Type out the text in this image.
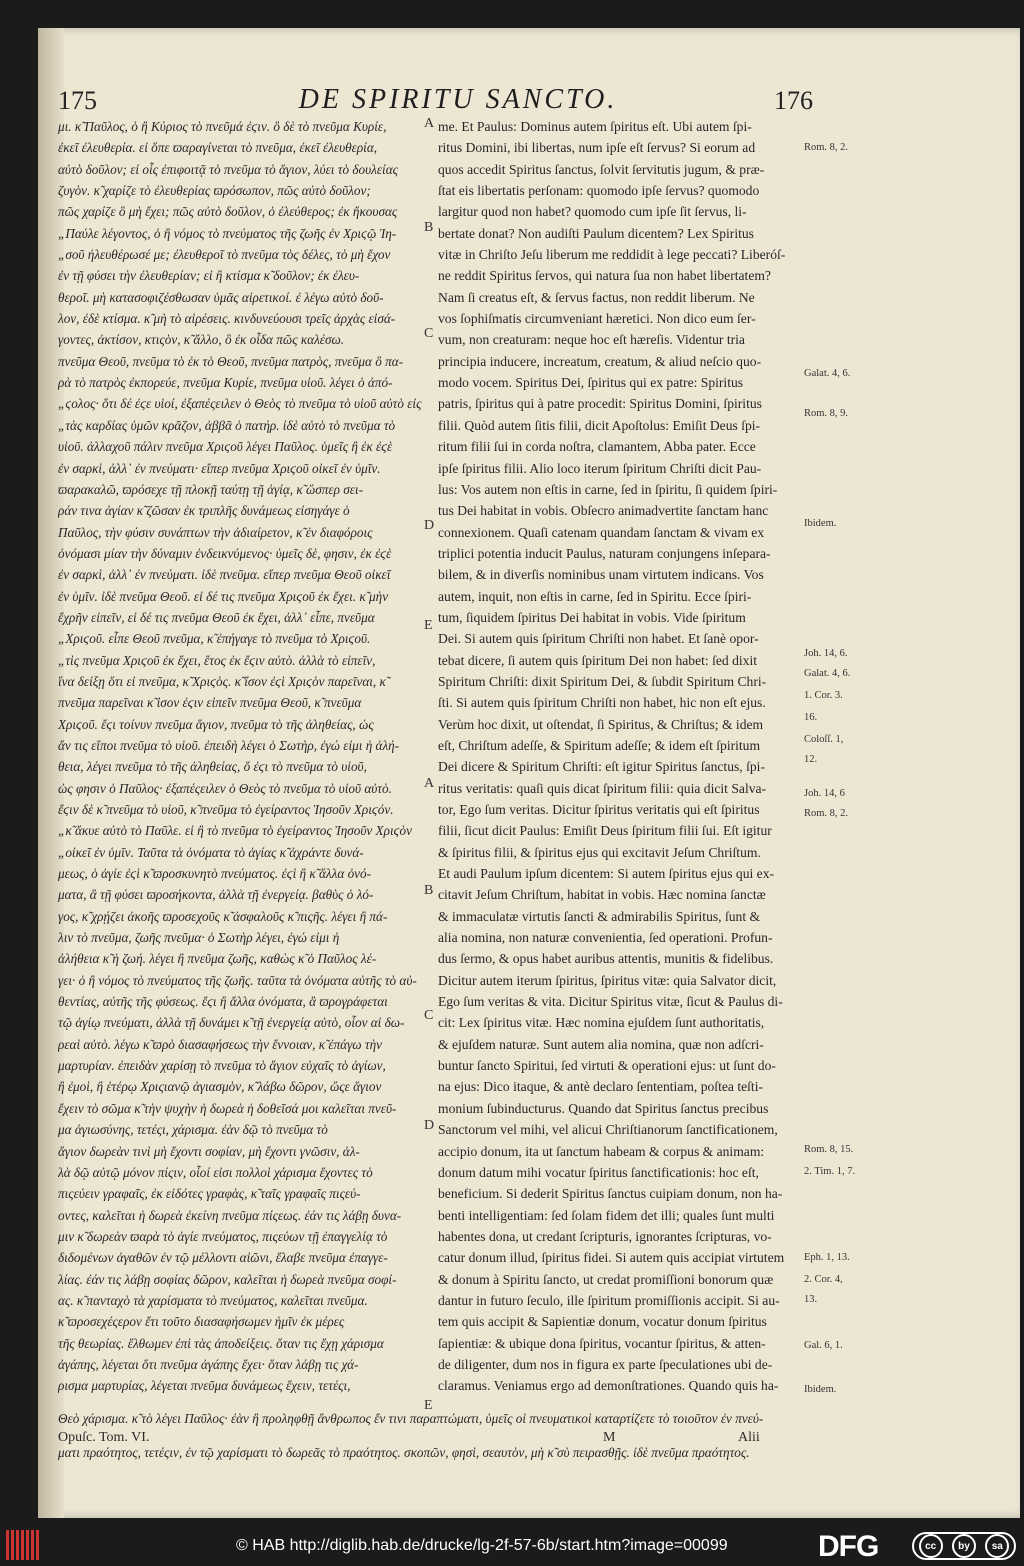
175	DE SPIRITU SANCTO.	176

μι. κ̃ Παῦλος, ὁ ἢ Κύριος τὸ πνεῦμά ἐϛιν. ὃ δὲ τὸ πνεῦμα Κυρίε,

ἐκεῖ ἐλευθερία. εἰ ὅπε ϖαραγίνεται τὸ πνεῦμα, ἐκεῖ ἐλευθερία,

αὐτὸ δοῦλον; εἰ οἷς ἐπιφοιτᾷ τὸ πνεῦμα τὸ ἅγιον, λύει τὸ δουλείας

ζυγὸν. κ̃ χαρίζε τὸ ἐλευθερίας ϖρόσωπον, πῶς αὐτὸ δοῦλον;

πῶς χαρίζε ὃ μὴ ἔχει; πῶς αὐτὸ δοῦλον, ὁ ἐλεύθερος; ἐκ ἤκουσας

„Παύλε λέγοντος, ὁ ἢ νόμος τὸ πνεύματος τῆς ζωῆς ἐν Χριϛῷ Ἰη-

„σοῦ ἠλευθέρωσέ με; ἐλευθεροῖ τὸ πνεῦμα τὸς δέλες, τὸ μὴ ἔχον

ἐν τῇ φύσει τὴν ἐλευθερίαν; εἰ ἢ κτίσμα κ̃ δοῦλον; ἐκ ἐλευ-

θεροῖ. μὴ κατασοφιζέσθωσαν ὑμᾶς αἱρετικοί. ἐ λέγω αὐτὸ δοῦ-

λον, ἐδὲ κτίσμα. κ̃ μὴ τὸ αἱρέσεις. κινδυνεύουσι τρεῖς ἀρχὰς εἰσά-

γοντες, ἀκτίσον, κτιςὸν, κ̃ ἄλλο, ὃ ἐκ οἶδα πῶς καλέσω.

πνεῦμα Θεοῦ, πνεῦμα τὸ ἐκ τὸ Θεοῦ, πνεῦμα πατρὸς, πνεῦμα ὃ πα-

ρὰ τὸ πατρὸς ἐκπορεύε, πνεῦμα Κυρίε, πνεῦμα υἱοῦ. λέγει ὁ ἀπό-

„ϛολος· ὅτι δέ ἐϛε υἱοί, ἐξαπέςειλεν ὁ Θεὸς τὸ πνεῦμα τὸ υἱοῦ αὐτὸ εἰς

„τὰς καρδίας ὑμῶν κρᾶζον, ἀββᾶ ὁ πατήρ. ἰδὲ αὐτὸ τὸ πνεῦμα τὸ

υἱοῦ. ἀλλαχοῦ πάλιν πνεῦμα Χριϛοῦ λέγει Παῦλος. ὑμεῖς ἢ ἐκ ἐϛὲ

ἐν σαρκὶ, ἀλλ᾽ ἐν πνεύματι· εἴπερ πνεῦμα Χριϛοῦ οἰκεῖ ἐν ὑμῖν.

ϖαρακαλῶ, ϖρόσεχε τῇ πλοκῇ ταύτῃ τῇ ἁγίᾳ, κ̃ ὥσπερ σει-

ράν τινα ἁγίαν κ̃ ζῶσαν ἐκ τριπλῆς δυνάμεως εἰσηγάγε ὁ

Παῦλος, τὴν φύσιν συνάπτων τὴν ἀδιαίρετον, κ̃ ἐν διαφόροις

ὀνόμασι μίαν τὴν δύναμιν ἐνδεικνύμενος· ὑμεῖς δὲ, φησιν, ἐκ ἐϛὲ

ἐν σαρκὶ, ἀλλ᾽ ἐν πνεύματι. ἰδὲ πνεῦμα. εἴπερ πνεῦμα Θεοῦ οἰκεῖ

ἐν ὑμῖν. ἰδὲ πνεῦμα Θεοῦ. εἰ δέ τις πνεῦμα Χριϛοῦ ἐκ ἔχει. κ̃ μὴν

ἔχρῆν εἰπεῖν, εἰ δέ τις πνεῦμα Θεοῦ ἐκ ἔχει, ἀλλ᾽ εἶπε, πνεῦμα

„Χριϛοῦ. εἶπε Θεοῦ πνεῦμα, κ̃ ἐπήγαγε τὸ πνεῦμα τὸ Χριϛοῦ.

„τὶς πνεῦμα Χριϛοῦ ἐκ ἔχει, ἕτος ἐκ ἔϛιν αὐτὸ. ἀλλὰ τὸ εἰπεῖν,

ἵνα δείξῃ ὅτι εἰ πνεῦμα, κ̃ Χριϛὸς. κ̃ ἴσον ἐϛὶ Χριϛὸν παρεῖναι, κ̃

πνεῦμα παρεῖναι κ̃ ἰσον ἐϛιν εἰπεῖν πνεῦμα Θεοῦ, κ̃ πνεῦμα

Χριϛοῦ. ἔϛι τοίνυν πνεῦμα ἅγιον, πνεῦμα τὸ τῆς ἀληθείας, ὡς

ἄν τις εἴποι πνεῦμα τὸ υἱοῦ. ἐπειδὴ λέγει ὁ Σωτὴρ, ἐγώ εἰμι ἡ ἀλή-

θεια, λέγει πνεῦμα τὸ τῆς ἀληθείας, ὅ ἐϛι τὸ πνεῦμα τὸ υἱοῦ,

ὡς φησιν ὁ Παῦλος· ἐξαπέςειλεν ὁ Θεὸς τὸ πνεῦμα τὸ υἱοῦ αὐτὸ.

ἔϛιν δὲ κ̃ πνεῦμα τὸ υἱοῦ, κ̃ πνεῦμα τὸ ἐγείραντος Ἰησοῦν Χριϛόν.

„κ̃ ἄκυε αὐτὸ τὸ Παῦλε. εἰ ἢ τὸ πνεῦμα τὸ ἐγείραντος Ἰησοῦν Χριϛὸν

„οἰκεῖ ἐν ὑμῖν. Ταῦτα τὰ ὀνόματα τὸ ἁγίας κ̃ ἀχράντε δυνά-

μεως, ὁ ἀγίε ἐϛὶ κ̃ ϖροσκυνητὸ πνεύματος. ἐϛὶ ἢ κ̃ ἄλλα ὀνό-

ματα, ἃ τῇ φύσει ϖροσήκοντα, ἀλλὰ τῇ ἐνεργείᾳ. βαθὺς ὁ λό-

γος, κ̃ χρῄζει ἀκοῆς ϖροσεχοῦς κ̃ ἀσφαλοῦς κ̃ πιςῆς. λέγει ἢ πά-

λιν τὸ πνεῦμα, ζωῆς πνεῦμα· ὁ Σωτὴρ λέγει, ἐγώ εἰμι ἡ

ἀλήθεια κ̃ ἡ ζωή. λέγει ἢ πνεῦμα ζωῆς, καθὼς κ̃ ὁ Παῦλος λέ-

γει· ὁ ἢ νόμος τὸ πνεύματος τῆς ζωῆς. ταῦτα τὰ ὀνόματα αὐτῆς τὸ αὐ-

θεντίας, αὐτῆς τῆς φύσεως. ἔϛι ἢ ἄλλα ὀνόματα, ἃ ϖρογράφεται

τῷ ἁγίῳ πνεύματι, ἀλλὰ τῇ δυνάμει κ̃ τῇ ἐνεργείᾳ αὐτὸ, οἷον αἱ δω-

ρεαὶ αὐτὸ. λέγω κ̃ ϖρὸ διασαφήσεως τὴν ἔννοιαν, κ̃ ἐπάγω τὴν

μαρτυρίαν. ἐπειδὰν χαρίσῃ τὸ πνεῦμα τὸ ἅγιον εὐχαῖς τὸ ἁγίων,

ἢ ἐμοὶ, ἢ ἑτέρῳ Χριςιανῷ ἁγιασμὸν, κ̃ λάβω δῶρον, ὥςε ἅγιον

ἔχειν τὸ σῶμα κ̃ τὴν ψυχὴν ἡ δωρεὰ ἡ δοθεῖσά μοι καλεῖται πνεῦ-

μα ἁγιωσύνης, τετέςι, χάρισμα. ἐὰν δῷ τὸ πνεῦμα τὸ

ἅγιον δωρεὰν τινὶ μὴ ἔχοντι σοφίαν, μὴ ἔχοντι γνῶσιν, ἀλ-

λὰ δῷ αὐτῷ μόνον πίςιν, οἷοί εἰσι πολλοὶ χάρισμα ἔχοντες τὸ

πιςεύειν γραφαῖς, ἐκ εἰδότες γραφὰς, κ̃ ταῖς γραφαῖς πιςεύ-

οντες, καλεῖται ἡ δωρεὰ ἐκείνη πνεῦμα πίςεως. ἐάν τις λάβῃ δυνα-

μιν κ̃ δωρεὰν ϖαρὰ τὸ ἁγίε πνεύματος, πιςεύων τῇ ἐπαγγελίᾳ τὸ

διδομένων ἀγαθῶν ἐν τῷ μέλλοντι αἰῶνι, ἔλαβε πνεῦμα ἐπαγγε-

λίας. ἐάν τις λάβῃ σοφίας δῶρον, καλεῖται ἡ δωρεὰ πνεῦμα σοφί-

ας. κ̃ πανταχὸ τὰ χαρίσματα τὸ πνεύματος, καλεῖται πνεῦμα.

κ̃ ϖροσεχέςερον ἔτι τοῦτο διασαφήσωμεν ἡμῖν ἐκ μέρες

τῆς θεωρίας. ἔλθωμεν ἐπὶ τὰς ἀποδείξεις. ὅταν τις ἔχῃ χάρισμα

ἀγάπης, λέγεται ὅτι πνεῦμα ἀγάπης ἔχει· ὅταν λάβῃ τις χά-

ρισμα μαρτυρίας, λέγεται πνεῦμα δυνάμεως ἔχειν, τετέςι,

me. Et Paulus: Dominus autem ſpiritus eſt. Ubi autem ſpi-

ritus Domini, ibi libertas, num ipſe eſt ſervus? Si eorum ad

quos accedit Spiritus ſanctus, ſolvit ſervitutis jugum, & præ-

ſtat eis libertatis perſonam: quomodo ipſe ſervus? quomodo

largitur quod non habet? quomodo cum ipſe ſit ſervus, li-

bertate donat? Non audiſti Paulum dicentem? Lex Spiritus

vitæ in Chriſto Jeſu liberum me reddidit à lege peccati? Liberóſ-

ne reddit Spiritus ſervos, qui natura ſua non habet libertatem?

Nam ſi creatus eſt, & ſervus factus, non reddit liberum. Ne

vos ſophiſmatis circumveniant hæretici. Non dico eum ſer-

vum, non creaturam: neque hoc eſt hæreſis. Videntur tria

principia inducere, increatum, creatum, & aliud neſcio quo-

modo vocem. Spiritus Dei, ſpiritus qui ex patre: Spiritus

patris, ſpiritus qui à patre procedit: Spiritus Domini, ſpiritus

filii. Quòd autem ſitis filii, dicit Apoſtolus: Emiſit Deus ſpi-

ritum filii ſui in corda noſtra, clamantem, Abba pater. Ecce

ipſe ſpiritus filii. Alio loco iterum ſpiritum Chriſti dicit Pau-

lus: Vos autem non eſtis in carne, ſed in ſpiritu, ſi quidem ſpiri-

tus Dei habitat in vobis. Obſecro animadvertite ſanctam hanc

connexionem. Quaſi catenam quandam ſanctam & vivam ex

triplici potentia inducit Paulus, naturam conjungens inſepara-

bilem, & in diverſis nominibus unam virtutem indicans. Vos

autem, inquit, non eſtis in carne, ſed in Spiritu. Ecce ſpiri-

tum, ſiquidem ſpiritus Dei habitat in vobis. Vide ſpiritum

Dei. Si autem quis ſpiritum Chriſti non habet. Et ſanè opor-

tebat dicere, ſi autem quis ſpiritum Dei non habet: ſed dixit

Spiritum Chriſti: dixit Spiritum Dei, & ſubdit Spiritum Chri-

ſti. Si autem quis ſpiritum Chriſti non habet, hic non eſt ejus.

Verùm hoc dixit, ut oſtendat, ſi Spiritus, & Chriſtus; & idem

eſt, Chriſtum adeſſe, & Spiritum adeſſe; & idem eſt ſpiritum

Dei dicere & Spiritum Chriſti: eſt igitur Spiritus ſanctus, ſpi-

ritus veritatis: quaſi quis dicat ſpiritum filii: quia dicit Salva-

tor, Ego ſum veritas. Dicitur ſpiritus veritatis qui eſt ſpiritus

filii, ſicut dicit Paulus: Emiſit Deus ſpiritum filii ſui. Eſt igitur

& ſpiritus filii, & ſpiritus ejus qui excitavit Jeſum Chriſtum.

Et audi Paulum ipſum dicentem: Si autem ſpiritus ejus qui ex-

citavit Jeſum Chriſtum, habitat in vobis. Hæc nomina ſanctæ

& immaculatæ virtutis ſancti & admirabilis Spiritus, ſunt &

alia nomina, non naturæ convenientia, ſed operationi. Profun-

dus ſermo, & opus habet auribus attentis, munitis & fidelibus.

Dicitur autem iterum ſpiritus, ſpiritus vitæ: quia Salvator dicit,

Ego ſum veritas & vita. Dicitur Spiritus vitæ, ſicut & Paulus di-

cit: Lex ſpiritus vitæ. Hæc nomina ejuſdem ſunt authoritatis,

& ejuſdem naturæ. Sunt autem alia nomina, quæ non adſcri-

buntur ſancto Spiritui, ſed virtuti & operationi ejus: ut ſunt do-

na ejus: Dico itaque, & antè declaro ſententiam, poſtea teſti-

monium ſubinducturus. Quando dat Spiritus ſanctus precibus

Sanctorum vel mihi, vel alicui Chriſtianorum ſanctificationem,

accipio donum, ita ut ſanctum habeam & corpus & animam:

donum datum mihi vocatur ſpiritus ſanctificationis: hoc eſt,

beneficium. Si dederit Spiritus ſanctus cuipiam donum, non ha-

benti intelligentiam: ſed ſolam fidem det illi; quales ſunt multi

habentes dona, ut credant ſcripturis, ignorantes ſcripturas, vo-

catur donum illud, ſpiritus fidei. Si autem quis accipiat virtutem

& donum à Spiritu ſancto, ut credat promiſſioni bonorum quæ

dantur in futuro ſeculo, ille ſpiritum promiſſionis accipit. Si au-

tem quis accipit & Sapientiæ donum, vocatur donum ſpiritus

ſapientiæ: & ubique dona ſpiritus, vocantur ſpiritus, & atten-

de diligenter, dum nos in figura ex parte ſpeculationes ubi de-

claramus. Veniamus ergo ad demonſtrationes. Quando quis ha-

A
B
C
D
E
A
B
C
D
E
Rom. 8, 2.
Galat. 4, 6.
Rom. 8, 9.
Ibidem.
Joh. 14, 6.
Galat. 4, 6.
1. Cor. 3.
16.
Coloſſ. 1,
12.
Joh. 14, 6
Rom. 8, 2.
Rom. 8, 15.
2. Tim. 1, 7.
Eph. 1, 13.
2. Cor. 4,
13.
Gal. 6, 1.
Ibidem.

Θεὸ χάρισμα. κ̃ τὸ λέγει Παῦλος· ἐὰν ἢ προληφθῇ ἄνθρωπος ἔν τινι παραπτώματι, ὑμεῖς οἱ πνευματικοὶ καταρτίζετε τὸ τοιοῦτον ἐν πνεύ-

ματι πραότητος, τετέςιν, ἐν τῷ χαρίσματι τὸ δωρεᾶς τὸ πραότητος. σκοπῶν, φησὶ, σεαυτὸν, μὴ κ̃ σὺ πειρασθῇς. ἰδὲ πνεῦμα πραότητος.

Opuſc. Tom. VI.	M	Alii
© HAB http://diglib.hab.de/drucke/lg-2f-57-6b/start.htm?image=00099	DFG	cc	by	sa
